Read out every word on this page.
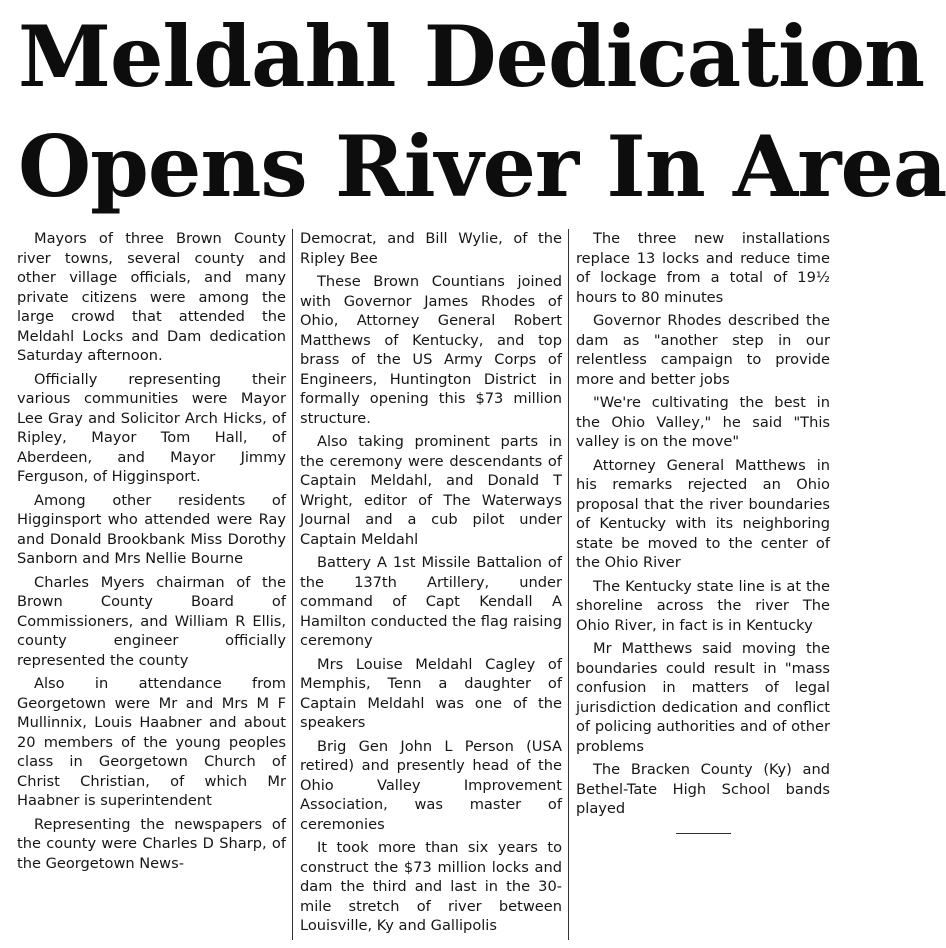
Meldahl Dedication
Opens River In Area

Mayors of three Brown County river towns, several county and other village officials, and many private citizens were among the large crowd that attended the Meldahl Locks and Dam dedication Saturday afternoon.

Officially representing their various communities were Mayor Lee Gray and Solicitor Arch Hicks, of Ripley, Mayor Tom Hall, of Aberdeen, and Mayor Jimmy Ferguson, of Higginsport.

Among other residents of Higginsport who attended were Ray and Donald Brookbank Miss Dorothy Sanborn and Mrs Nellie Bourne

Charles Myers chairman of the Brown County Board of Commissioners, and William R Ellis, county engineer officially represented the county

Also in attendance from Georgetown were Mr and Mrs M F Mullinnix, Louis Haabner and about 20 members of the young peoples class in Georgetown Church of Christ Christian, of which Mr Haabner is superintendent

Representing the newspapers of the county were Charles D Sharp, of the Georgetown News-

Democrat, and Bill Wylie, of the Ripley Bee

These Brown Countians joined with Governor James Rhodes of Ohio, Attorney General Robert Matthews of Kentucky, and top brass of the US Army Corps of Engineers, Huntington District in formally opening this $73 million structure.

Also taking prominent parts in the ceremony were descendants of Captain Meldahl, and Donald T Wright, editor of The Waterways Journal and a cub pilot under Captain Meldahl

Battery A 1st Missile Battalion of the 137th Artillery, under command of Capt Kendall A Hamilton conducted the flag raising ceremony

Mrs Louise Meldahl Cagley of Memphis, Tenn a daughter of Captain Meldahl was one of the speakers

Brig Gen John L Person (USA retired) and presently head of the Ohio Valley Improvement Association, was master of ceremonies

It took more than six years to construct the $73 million locks and dam the third and last in the 30-mile stretch of river between Louisville, Ky and Gallipolis

The three new installations replace 13 locks and reduce time of lockage from a total of 19½ hours to 80 minutes

Governor Rhodes described the dam as "another step in our relentless campaign to provide more and better jobs

"We're cultivating the best in the Ohio Valley," he said "This valley is on the move"

Attorney General Matthews in his remarks rejected an Ohio proposal that the river boundaries of Kentucky with its neighboring state be moved to the center of the Ohio River

The Kentucky state line is at the shoreline across the river The Ohio River, in fact is in Kentucky

Mr Matthews said moving the boundaries could result in "mass confusion in matters of legal jurisdiction dedication and conflict of policing authorities and of other problems

The Bracken County (Ky) and Bethel-Tate High School bands played
